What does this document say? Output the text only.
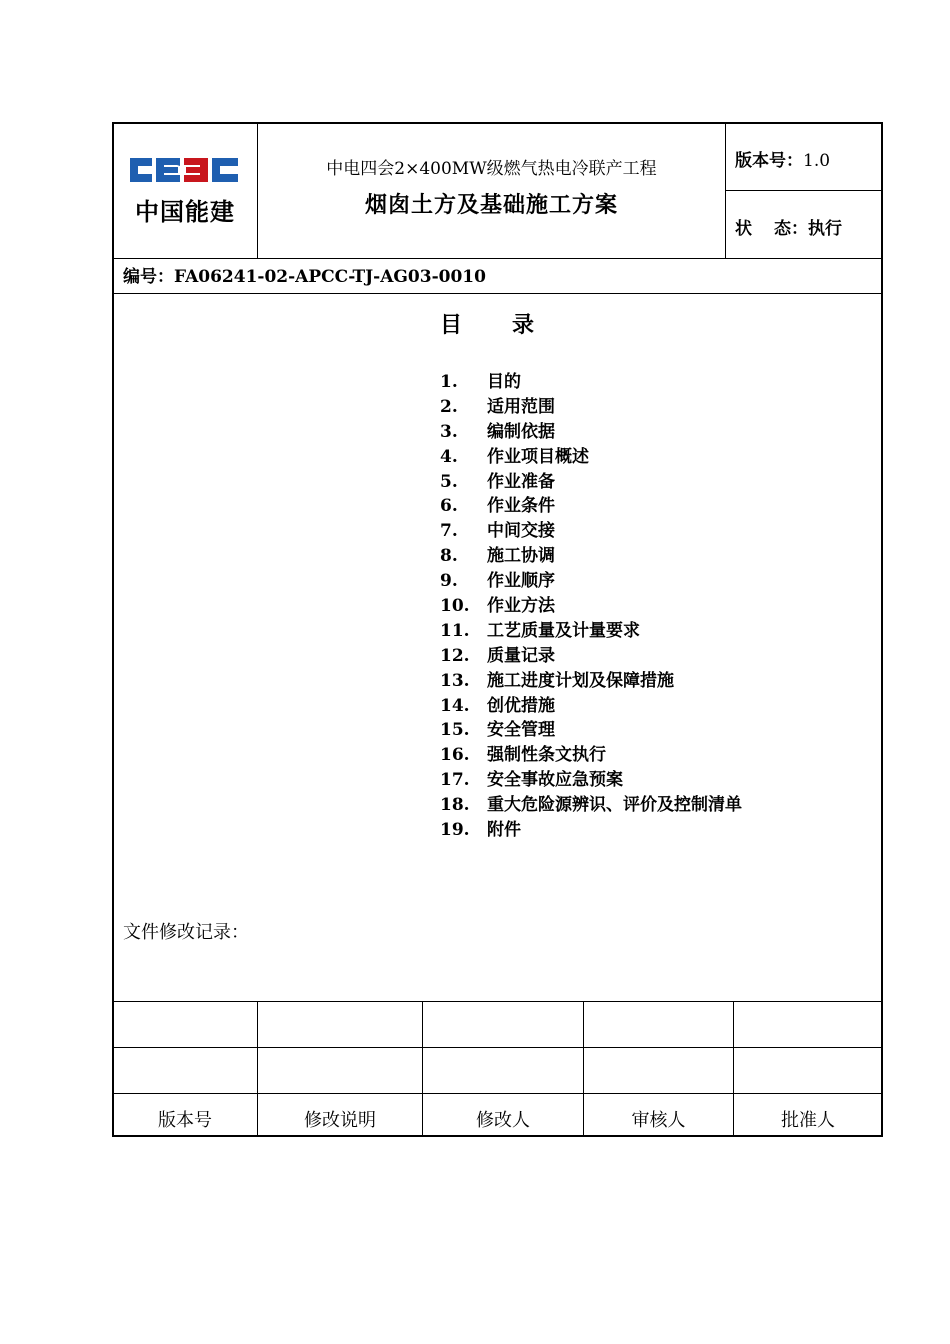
中国能建
中电四会2×400MW级燃气热电冷联产工程
烟囱土方及基础施工方案
版本号：1.0
状 态：执行
编号：FA06241-02-APCC-TJ-AG03-0010
目 录
1. 目的
2. 适用范围
3. 编制依据
4. 作业项目概述
5. 作业准备
6. 作业条件
7. 中间交接
8. 施工协调
9. 作业顺序
10. 作业方法
11. 工艺质量及计量要求
12. 质量记录
13. 施工进度计划及保障措施
14. 创优措施
15. 安全管理
16. 强制性条文执行
17. 安全事故应急预案
18. 重大危险源辨识、评价及控制清单
19. 附件
文件修改记录：
版本号	修改说明	修改人	审核人	批准人
